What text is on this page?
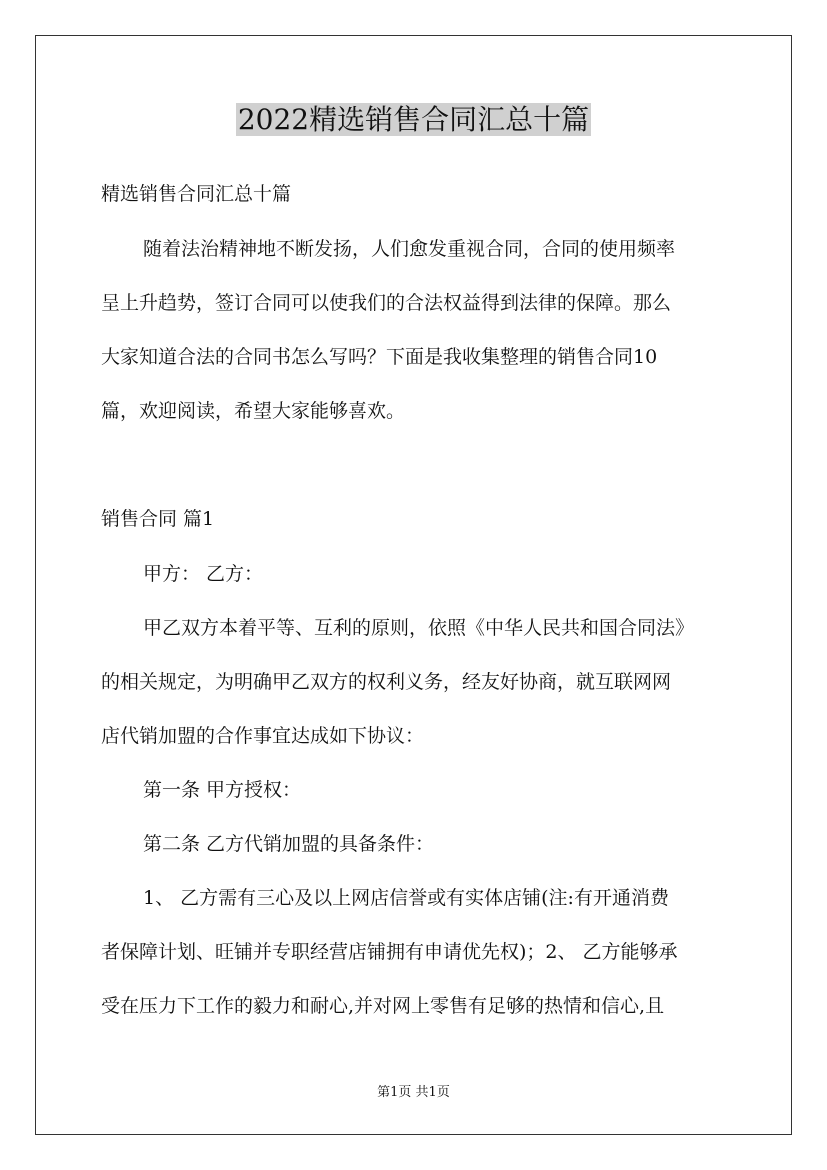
2022精选销售合同汇总十篇
精选销售合同汇总十篇
随着法治精神地不断发扬，人们愈发重视合同，合同的使用频率
呈上升趋势，签订合同可以使我们的合法权益得到法律的保障。那么
大家知道合法的合同书怎么写吗？下面是我收集整理的销售合同10
篇，欢迎阅读，希望大家能够喜欢。
销售合同 篇1
甲方： 乙方：
甲乙双方本着平等、互利的原则，依照《中华人民共和国合同法》
的相关规定，为明确甲乙双方的权利义务，经友好协商，就互联网网
店代销加盟的合作事宜达成如下协议：
第一条 甲方授权：
第二条 乙方代销加盟的具备条件：
1、 乙方需有三心及以上网店信誉或有实体店铺(注:有开通消费
者保障计划、旺铺并专职经营店铺拥有申请优先权)；2、 乙方能够承
受在压力下工作的毅力和耐心,并对网上零售有足够的热情和信心,且
第1页 共1页
